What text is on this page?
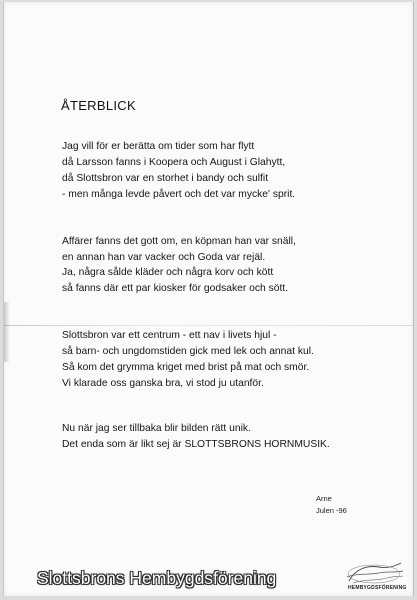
ÅTERBLICK
Jag vill för er berätta om tider som har flytt
då Larsson fanns i Koopera och August i Glahytt,
då Slottsbron var en storhet i bandy och sulfit
- men många levde påvert och det var mycke' sprit.
Affärer fanns det gott om, en köpman han var snäll,
en annan han var vacker och Goda var rejäl.
Ja, några sålde kläder och några korv och kött
så fanns där ett par kiosker för godsaker och sött.
Slottsbron var ett centrum - ett nav i livets hjul -
så barn- och ungdomstiden gick med lek och annat kul.
Så kom det grymma kriget med brist på mat och smör.
Vi klarade oss ganska bra, vi stod ju utanför.
Nu när jag ser tillbaka blir bilden rätt unik.
Det enda som är likt sej är SLOTTSBRONS HORNMUSIK.
Arne
Julen -96
HEMBYGDSFÖRENING
Slottsbrons Hembygdsförening
